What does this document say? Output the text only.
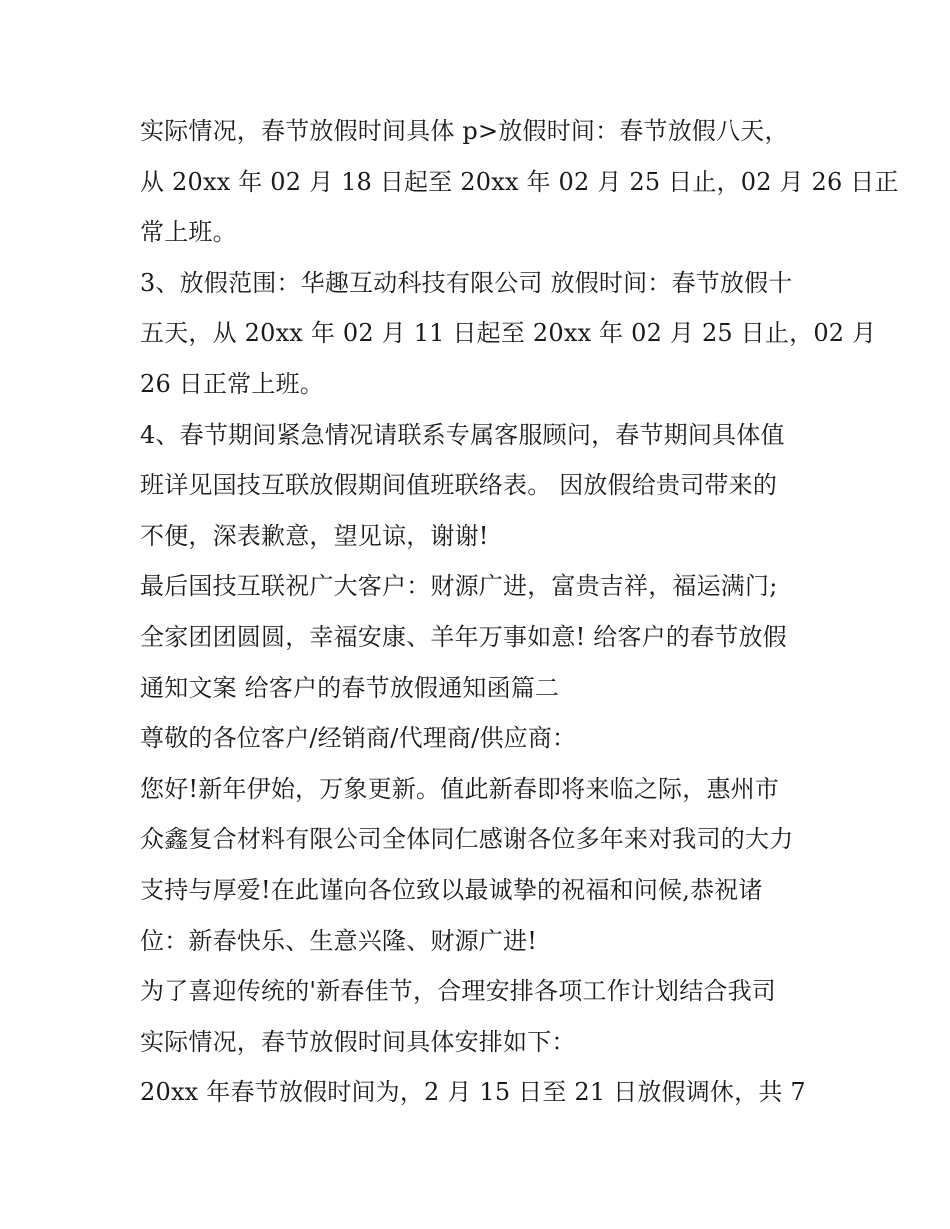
实际情况，春节放假时间具体 p>放假时间：春节放假八天，
从 20xx 年 02 月 18 日起至 20xx 年 02 月 25 日止，02 月 26 日正
常上班。
3、放假范围：华趣互动科技有限公司 放假时间：春节放假十
五天，从 20xx 年 02 月 11 日起至 20xx 年 02 月 25 日止，02 月
26 日正常上班。
4、春节期间紧急情况请联系专属客服顾问，春节期间具体值
班详见国技互联放假期间值班联络表。 因放假给贵司带来的
不便，深表歉意，望见谅，谢谢!
最后国技互联祝广大客户：财源广进，富贵吉祥，福运满门;
全家团团圆圆，幸福安康、羊年万事如意! 给客户的春节放假
通知文案 给客户的春节放假通知函篇二
尊敬的各位客户/经销商/代理商/供应商：
您好!新年伊始，万象更新。值此新春即将来临之际，惠州市
众鑫复合材料有限公司全体同仁感谢各位多年来对我司的大力
支持与厚爱!在此谨向各位致以最诚挚的祝福和问候,恭祝诸
位：新春快乐、生意兴隆、财源广进!
为了喜迎传统的'新春佳节，合理安排各项工作计划结合我司
实际情况，春节放假时间具体安排如下：
20xx 年春节放假时间为，2 月 15 日至 21 日放假调休，共 7
